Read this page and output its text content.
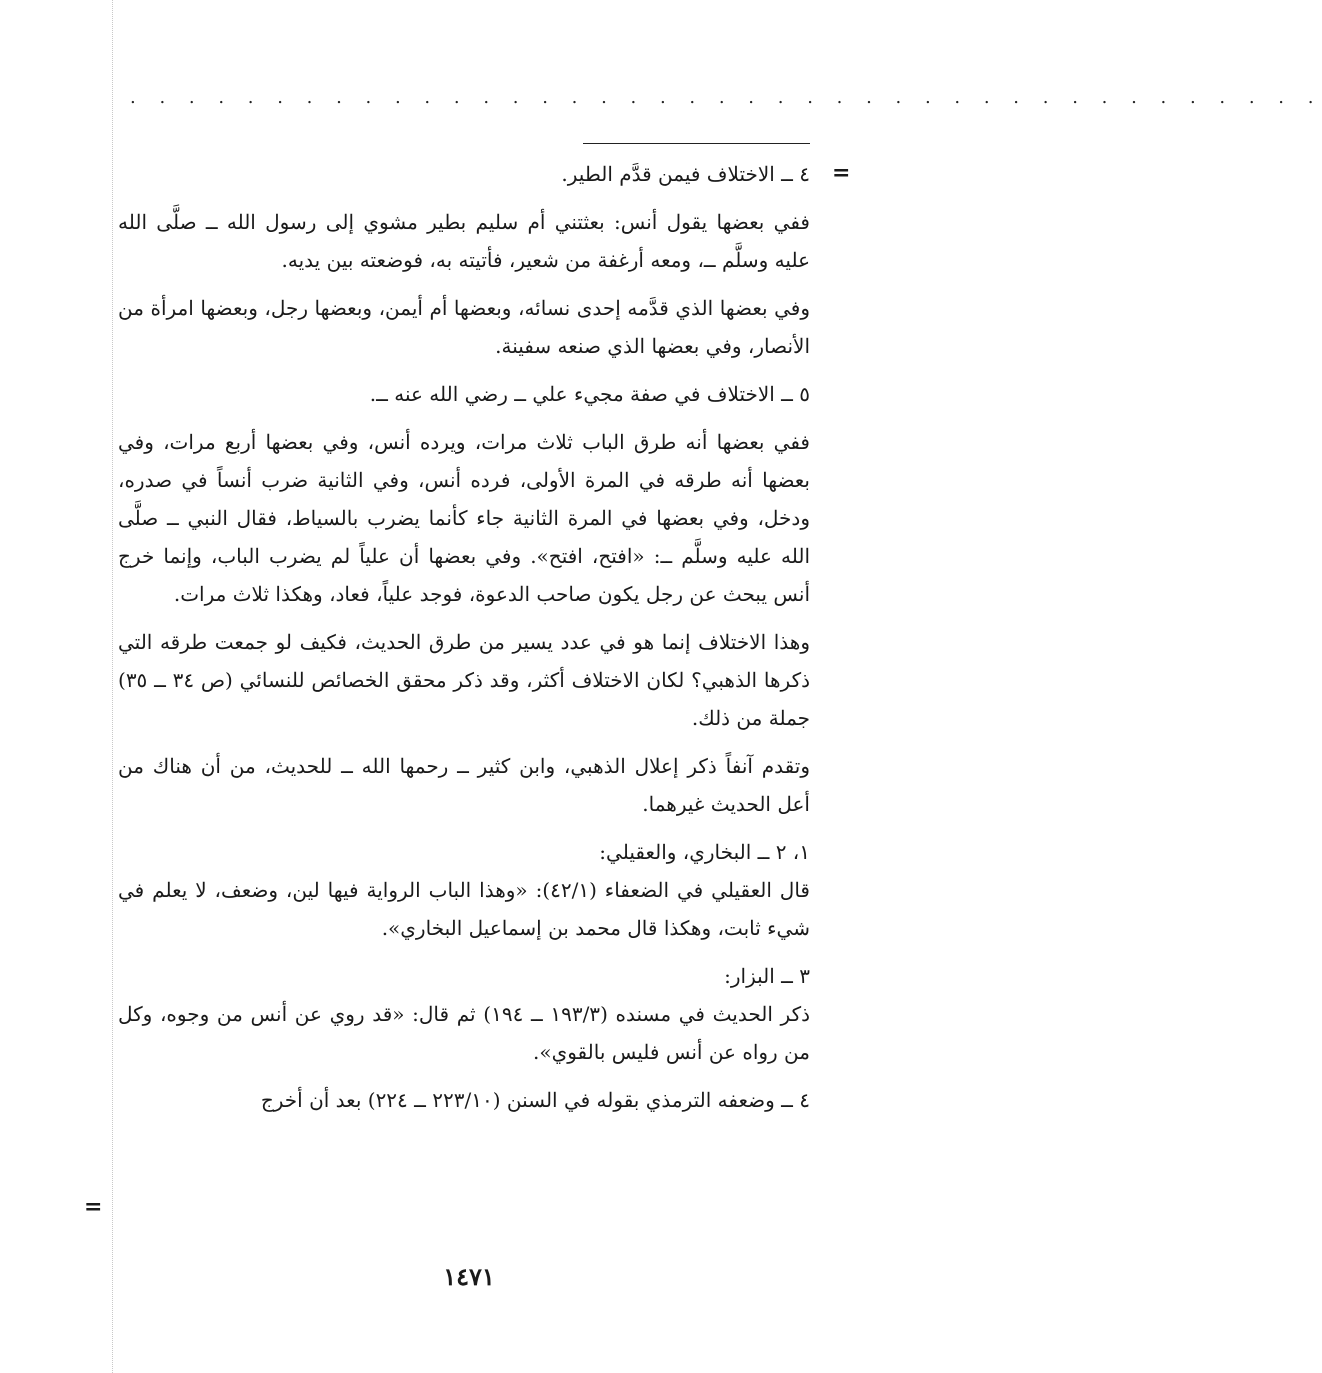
. . . . . . . . . . . . . . . . . . . . . . . . . . . . . . . . . . . . . . . . .
=

٤ ــ الاختلاف فيمن قدَّم الطير.

ففي بعضها يقول أنس: بعثتني أم سليم بطير مشوي إلى رسول الله ــ صلَّى الله عليه وسلَّم ــ، ومعه أرغفة من شعير، فأتيته به، فوضعته بين يديه.

وفي بعضها الذي قدَّمه إحدى نسائه، وبعضها أم أيمن، وبعضها رجل، وبعضها امرأة من الأنصار، وفي بعضها الذي صنعه سفينة.

٥ ــ الاختلاف في صفة مجيء علي ــ رضي الله عنه ــ.

ففي بعضها أنه طرق الباب ثلاث مرات، ويرده أنس، وفي بعضها أربع مرات، وفي بعضها أنه طرقه في المرة الأولى، فرده أنس، وفي الثانية ضرب أنساً في صدره، ودخل، وفي بعضها في المرة الثانية جاء كأنما يضرب بالسياط، فقال النبي ــ صلَّى الله عليه وسلَّم ــ: «افتح، افتح». وفي بعضها أن علياً لم يضرب الباب، وإنما خرج أنس يبحث عن رجل يكون صاحب الدعوة، فوجد علياً، فعاد، وهكذا ثلاث مرات.

وهذا الاختلاف إنما هو في عدد يسير من طرق الحديث، فكيف لو جمعت طرقه التي ذكرها الذهبي؟ لكان الاختلاف أكثر، وقد ذكر محقق الخصائص للنسائي (ص ٣٤ ــ ٣٥) جملة من ذلك.

وتقدم آنفاً ذكر إعلال الذهبي، وابن كثير ــ رحمها الله ــ للحديث، من أن هناك من أعل الحديث غيرهما.

١، ٢ ــ البخاري، والعقيلي:

قال العقيلي في الضعفاء (٤٢/١): «وهذا الباب الرواية فيها لين، وضعف، لا يعلم في شيء ثابت، وهكذا قال محمد بن إسماعيل البخاري».

٣ ــ البزار:

ذكر الحديث في مسنده (١٩٣/٣ ــ ١٩٤) ثم قال: «قد روي عن أنس من وجوه، وكل من رواه عن أنس فليس بالقوي».

٤ ــ وضعفه الترمذي بقوله في السنن (٢٢٣/١٠ ــ ٢٢٤) بعد أن أخرج

=
١٤٧١
